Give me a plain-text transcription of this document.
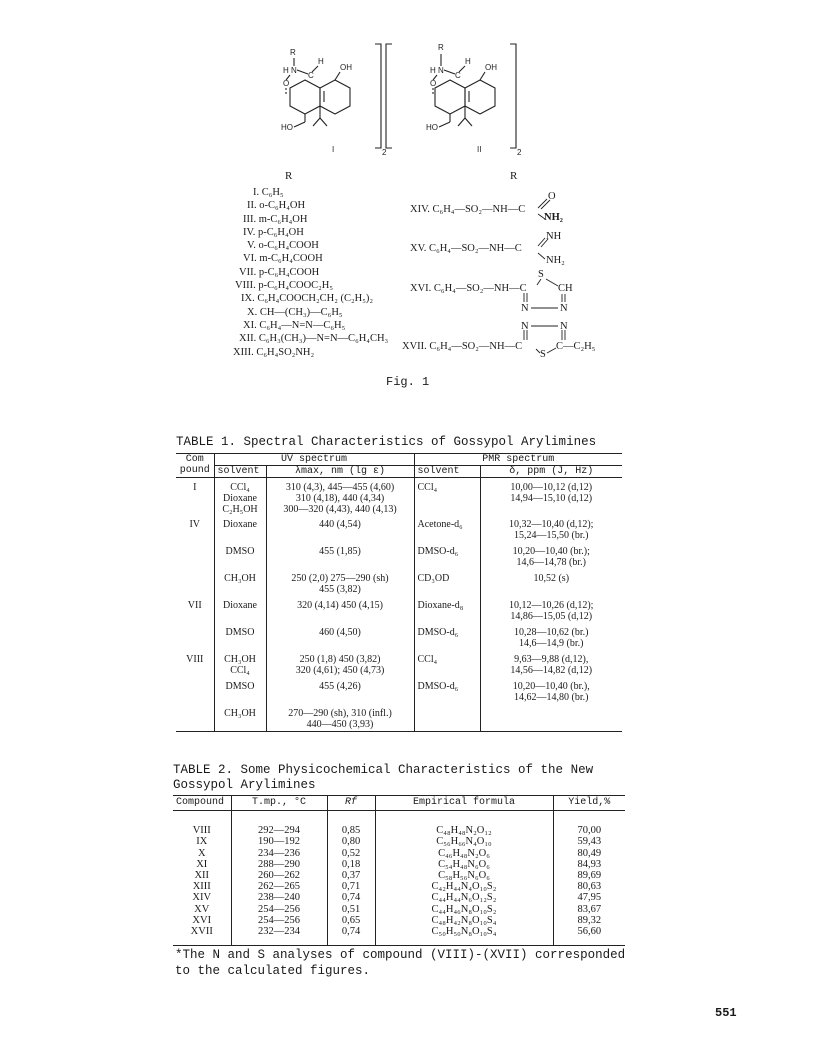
R
H N
C
H
OH
O
HO
I	2
R
H N
C
H
OH
O
HO
II	2
R	R
I. C₆H₅
II. o-C₆H₄OH
III. m-C₆H₄OH
IV. p-C₆H₄OH
V. o-C₆H₄COOH
VI. m-C₆H₄COOH
VII. p-C₆H₄COOH
VIII. p-C₆H₄COOC₂H₅
IX. C₆H₄COOCH₂CH₂ (C₂H₅)₂
X. CH—(CH₃)—C₆H₅
XI. C₆H₄—N=N—C₆H₅
XII. C₆H₃(CH₃)—N=N—C₆H₄CH₃
XIII. C₆H₄SO₂NH₂
O
XIV. C₆H₄—SO₂—NH—C
NH₂
NH
XV. C₆H₄—SO₂—NH—C
NH₂
S
XVI. C₆H₄—SO₂—NH—C	CH
N	N
N	N
XVII. C₆H₄—SO₂—NH—C
S
C—C₂H₅
Fig. 1
TABLE 1. Spectral Characteristics of Gossypol Arylimines
Com pound	UV spectrum		PMR spectrum	
	solvent	λmax, nm (lg ε)	solvent	δ, ppm (J, Hz)
I	CCl₄
Dioxane
C₂H₅OH	310 (4,3), 445—455 (4,60)
310 (4,18), 440 (4,34)
300—320 (4,43), 440 (4,13)	CCl₄	10,00—10,12 (d,12)
14,94—15,10 (d,12)
IV	Dioxane	440 (4,54)	Acetone-d₆	10,32—10,40 (d,12);
15,24—15,50 (br.)
	DMSO	455 (1,85)	DMSO-d₆	10,20—10,40 (br.);
14,6—14,78 (br.)
	CH₃OH	250 (2,0) 275—290 (sh)
455 (3,82)	CD₃OD	10,52 (s)
VII	Dioxane	320 (4,14) 450 (4,15)	Dioxane-d₈	10,12—10,26 (d,12);
14,86—15,05 (d,12)
	DMSO	460 (4,50)	DMSO-d₆	10,28—10,62 (br.)
14,6—14,9 (br.)
VIII	CH₃OH
CCl₄	250 (1,8) 450 (3,82)
320 (4,61); 450 (4,73)	CCl₄	9,63—9,88 (d,12),
14,56—14,82 (d,12)
	DMSO	455 (4,26)	DMSO-d₆	10,20—10,40 (br.),
14,62—14,80 (br.)
	CH₃OH	270—290 (sh), 310 (infl.)
440—450 (3,93)		
TABLE 2. Some Physicochemical Characteristics of the New
Gossypol Arylimines
Compound	T.mp., °C	Rf	Empirical formula	Yield,%
VIII	292—294	0,85	C₄₈H₄₈N₂O₁₂	70,00
IX	190—192	0,80	C₅₆H₆₆N₄O₁₀	59,43
X	234—236	0,52	C₄₆H₄₈N₂O₆	80,49
XI	288—290	0,18	C₅₄H₄₈N₆O₆	84,93
XII	260—262	0,37	C₅₈H₅₆N₆O₆	89,69
XIII	262—265	0,71	C₄₂H₄₄N₄O₁₀S₂	80,63
XIV	238—240	0,74	C₄₄H₄₄N₆O₁₂S₂	47,95
XV	254—256	0,51	C₄₄H₄₆N₈O₁₀S₂	83,67
XVI	254—256	0,65	C₄₈H₄₂N₈O₁₀S₄	89,32
XVII	232—234	0,74	C₅₀H₅₀N₈O₁₀S₄	56,60
*The N and S analyses of compound (VIII)-(XVII) corresponded
to the calculated figures.
551
